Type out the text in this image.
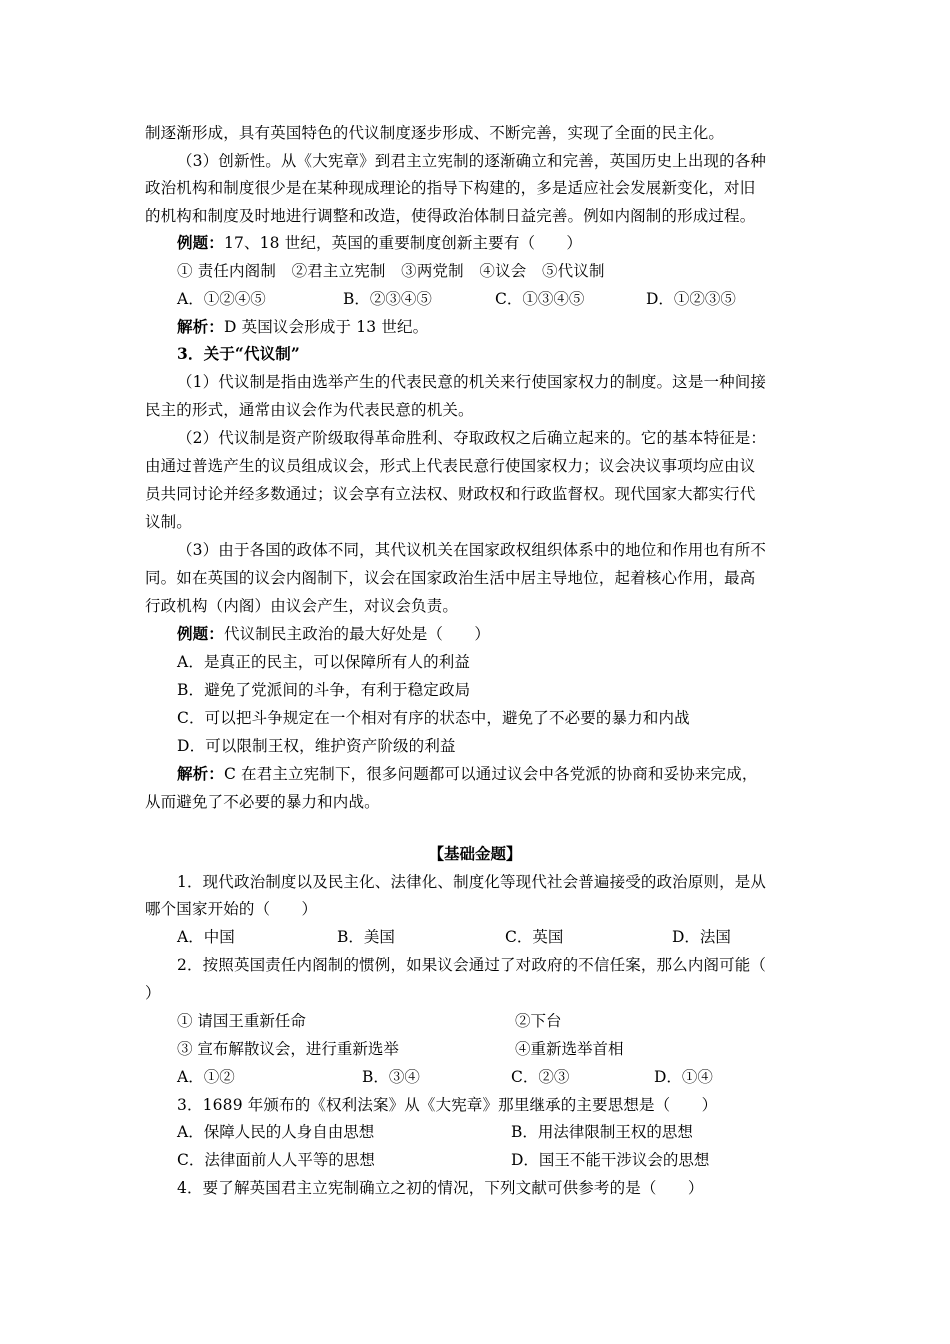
制逐渐形成，具有英国特色的代议制度逐步形成、不断完善，实现了全面的民主化。
（3）创新性。从《大宪章》到君主立宪制的逐渐确立和完善，英国历史上出现的各种
政治机构和制度很少是在某种现成理论的指导下构建的，多是适应社会发展新变化，对旧
的机构和制度及时地进行调整和改造，使得政治体制日益完善。例如内阁制的形成过程。
例题：17、18 世纪，英国的重要制度创新主要有（　　）
① 责任内阁制　②君主立宪制　③两党制　④议会　⑤代议制
A．①②④⑤	B．②③④⑤	C．①③④⑤	D．①②③⑤
解析：D 英国议会形成于 13 世纪。
3．关于“代议制”
（1）代议制是指由选举产生的代表民意的机关来行使国家权力的制度。这是一种间接
民主的形式，通常由议会作为代表民意的机关。
（2）代议制是资产阶级取得革命胜利、夺取政权之后确立起来的。它的基本特征是：
由通过普选产生的议员组成议会，形式上代表民意行使国家权力；议会决议事项均应由议
员共同讨论并经多数通过；议会享有立法权、财政权和行政监督权。现代国家大都实行代
议制。
（3）由于各国的政体不同，其代议机关在国家政权组织体系中的地位和作用也有所不
同。如在英国的议会内阁制下，议会在国家政治生活中居主导地位，起着核心作用，最高
行政机构（内阁）由议会产生，对议会负责。
例题：代议制民主政治的最大好处是（　　）
A．是真正的民主，可以保障所有人的利益
B．避免了党派间的斗争，有利于稳定政局
C．可以把斗争规定在一个相对有序的状态中，避免了不必要的暴力和内战
D．可以限制王权，维护资产阶级的利益
解析：C 在君主立宪制下，很多问题都可以通过议会中各党派的协商和妥协来完成，
从而避免了不必要的暴力和内战。
【基础金题】
1．现代政治制度以及民主化、法律化、制度化等现代社会普遍接受的政治原则，是从
哪个国家开始的（　　）
A．中国	B．美国	C．英国	D．法国
2．按照英国责任内阁制的惯例，如果议会通过了对政府的不信任案，那么内阁可能（
）
① 请国王重新任命	②下台
③ 宣布解散议会，进行重新选举	④重新选举首相
A．①②	B．③④	C．②③	D．①④
3．1689 年颁布的《权利法案》从《大宪章》那里继承的主要思想是（　　）
A．保障人民的人身自由思想	B．用法律限制王权的思想
C．法律面前人人平等的思想	D．国王不能干涉议会的思想
4．要了解英国君主立宪制确立之初的情况，下列文献可供参考的是（　　）
